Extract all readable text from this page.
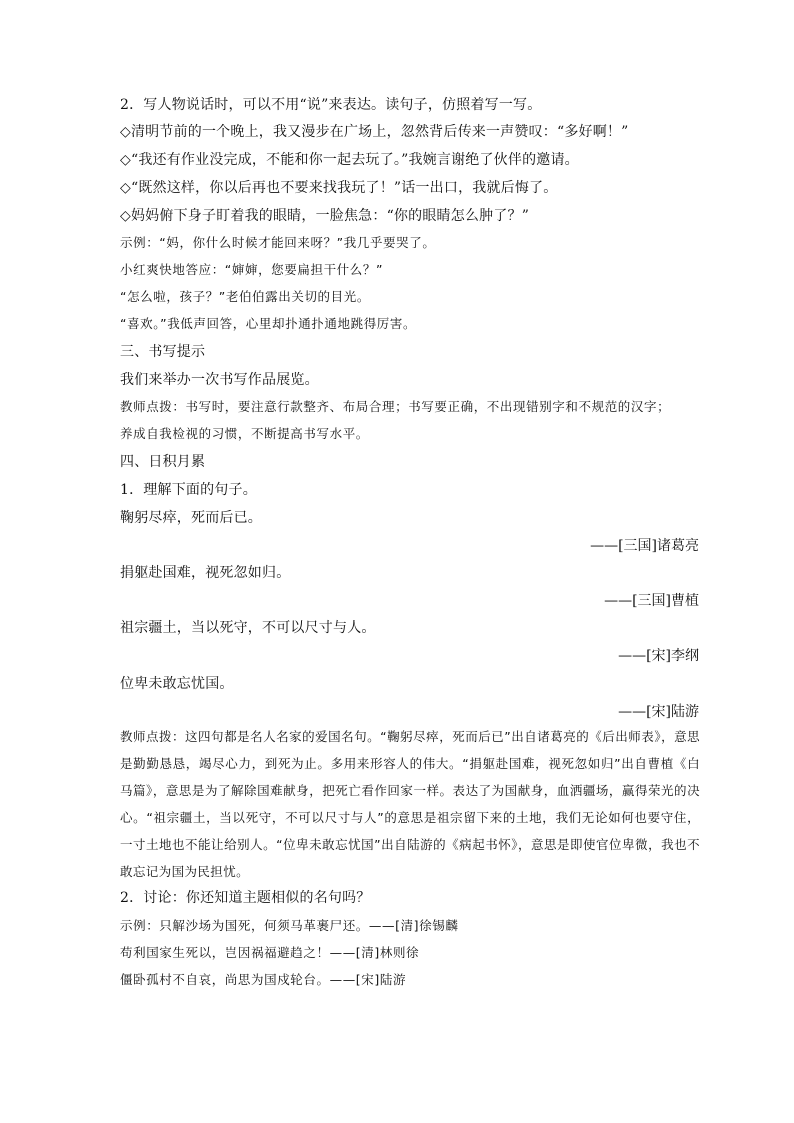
2．写人物说话时，可以不用“说”来表达。读句子，仿照着写一写。

◇清明节前的一个晚上，我又漫步在广场上，忽然背后传来一声赞叹：“多好啊！”

◇“我还有作业没完成，不能和你一起去玩了。”我婉言谢绝了伙伴的邀请。

◇“既然这样，你以后再也不要来找我玩了！”话一出口，我就后悔了。

◇妈妈俯下身子盯着我的眼睛，一脸焦急：“你的眼睛怎么肿了？”

示例：“妈，你什么时候才能回来呀？”我几乎要哭了。

小红爽快地答应：“婶婶，您要扁担干什么？”

“怎么啦，孩子？”老伯伯露出关切的目光。

“喜欢。”我低声回答，心里却扑通扑通地跳得厉害。

三、书写提示

我们来举办一次书写作品展览。

教师点拨：书写时，要注意行款整齐、布局合理；书写要正确，不出现错别字和不规范的汉字；

养成自我检视的习惯，不断提高书写水平。

四、日积月累

1．理解下面的句子。

鞠躬尽瘁，死而后已。

——[三国]诸葛亮

捐躯赴国难，视死忽如归。

——[三国]曹植

祖宗疆土，当以死守，不可以尺寸与人。

——[宋]李纲

位卑未敢忘忧国。

——[宋]陆游

教师点拨：这四句都是名人名家的爱国名句。“鞠躬尽瘁，死而后已”出自诸葛亮的《后出师表》，意思是勤勤恳恳，竭尽心力，到死为止。多用来形容人的伟大。“捐躯赴国难，视死忽如归”出自曹植《白马篇》，意思是为了解除国难献身，把死亡看作回家一样。表达了为国献身，血洒疆场，赢得荣光的决心。“祖宗疆土，当以死守，不可以尺寸与人”的意思是祖宗留下来的土地，我们无论如何也要守住，一寸土地也不能让给别人。“位卑未敢忘忧国”出自陆游的《病起书怀》，意思是即使官位卑微，我也不敢忘记为国为民担忧。

2．讨论：你还知道主题相似的名句吗？

示例：只解沙场为国死，何须马革裹尸还。——[清]徐锡麟

苟利国家生死以，岂因祸福避趋之！——[清]林则徐

僵卧孤村不自哀，尚思为国戍轮台。——[宋]陆游
